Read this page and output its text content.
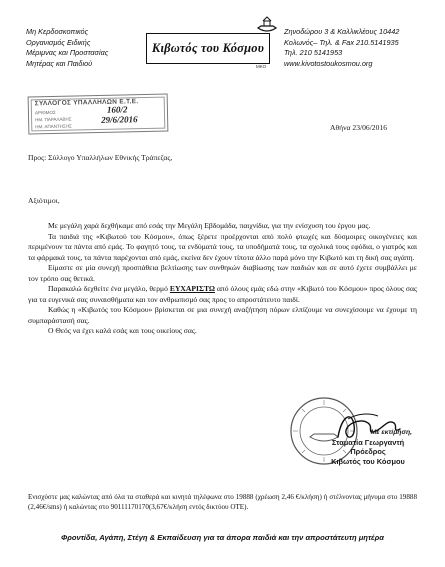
Μη Κερδοσκοπικός
Οργανισμός Ειδικής
Μέριμνας και Προστασίας
Μητέρας και Παιδιού
Κιβωτός του Κόσμου
ΜΚΟ
Ζηνοδώρου 3 & Καλλικλέους 10442
Κολωνός– Τηλ. & Fax 210.5141935
Τηλ. 210 5141953
www.kivotostoukosmou.org
ΣΥΛΛΟΓΟΣ ΥΠΑΛΛΗΛΩΝ Ε.Τ.Ε.
ΑΡΙΘΜΟΣ
ΗΜ. ΠΑΡΑΛΑΒΗΣ
ΗΜ. ΑΠΑΝΤΗΣΗΣ
160/2
29/6/2016
Αθήνα 23/06/2016
Προς: Σύλλογο Υπαλλήλων Εθνικής Τράπεζας,
Αξιότιμοι,

Με μεγάλη χαρά δεχθήκαμε από εσάς την Μεγάλη Εβδομάδα, παιχνίδια, για την ενίσχυση του έργου μας.

Τα παιδιά της «Κιβωτού του Κόσμου», όπως ξέρετε προέρχονται από πολύ φτωχές και δύσμοιρες οικογένειες και περιμένουν τα πάντα από εμάς. Το φαγητό τους, τα ενδύματά τους, τα υποδήματά τους, τα σχολικά τους εφόδια, ο γιατρός και τα φάρμακά τους, τα πάντα παρέχονται από εμάς, εκείνα δεν έχουν τίποτα άλλο παρά μόνο την Κιβωτό και τη δική σας αγάπη.

Είμαστε σε μία συνεχή προσπάθεια βελτίωσης των συνθηκών διαβίωσης των παιδιών και σε αυτό έχετε συμβάλλει με τον τρόπο σας θετικά.

Παρακαλώ δεχθείτε ένα μεγάλο, θερμό ΕΥΧΑΡΙΣΤΩ από όλους εμάς εδώ στην «Κιβωτό του Κόσμου» προς όλους σας για τα ευγενικά σας συναισθήματα και τον ανθρωπισμό σας προς το απροστάτευτο παιδί.

Καθώς η «Κιβωτός του Κόσμου» βρίσκεται σε μια συνεχή αναζήτηση πόρων ελπίζουμε να συνεχίσουμε να έχουμε τη συμπαράστασή σας.

Ο Θεός να έχει καλά εσάς και τους οικείους σας.

Με εκτίμηση,
Σταματία Γεωργαντή
Πρόεδρος
Κιβωτός του Κόσμου
Ενισχύστε μας καλώντας από όλα τα σταθερά και κινητά τηλέφωνα στο 19888 (χρέωση 2,46 €/κλήση) ή στέλνοντας μήνυμα στο 19888 (2,46€/sms) ή καλώντας στο 90111170170(3,67€/κλήση εντός δικτύου ΟΤΕ).
Φροντίδα, Αγάπη, Στέγη & Εκπαίδευση για τα άπορα παιδιά και την απροστάτευτη μητέρα
